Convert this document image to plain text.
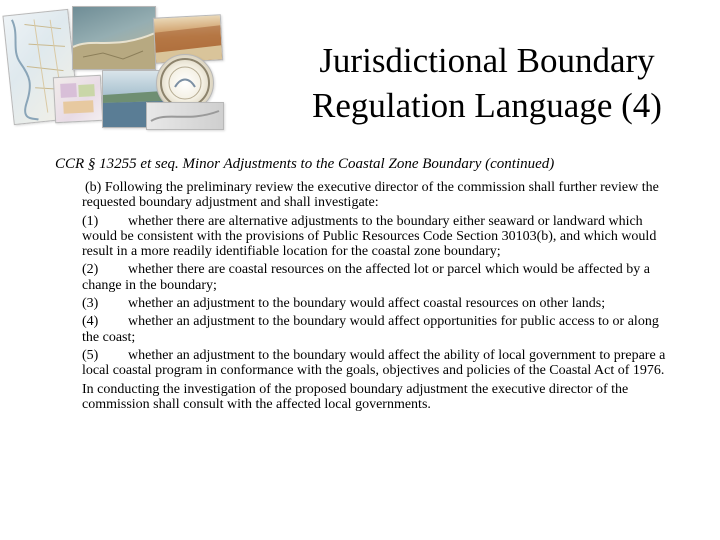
Jurisdictional Boundary
Regulation Language (4)

CCR § 13255 et seq. Minor Adjustments to the Coastal Zone Boundary (continued)

(b) Following the preliminary review the executive director of the commission shall further review the requested boundary adjustment and shall investigate:

(1) whether there are alternative adjustments to the boundary either seaward or landward which would be consistent with the provisions of Public Resources Code Section 30103(b), and which would result in a more readily identifiable location for the coastal zone boundary;

(2) whether there are coastal resources on the affected lot or parcel which would be affected by a change in the boundary;

(3) whether an adjustment to the boundary would affect coastal resources on other lands;

(4) whether an adjustment to the boundary would affect opportunities for public access to or along the coast;

(5) whether an adjustment to the boundary would affect the ability of local government to prepare a local coastal program in conformance with the goals, objectives and policies of the Coastal Act of 1976.

In conducting the investigation of the proposed boundary adjustment the executive director of the commission shall consult with the affected local governments.
